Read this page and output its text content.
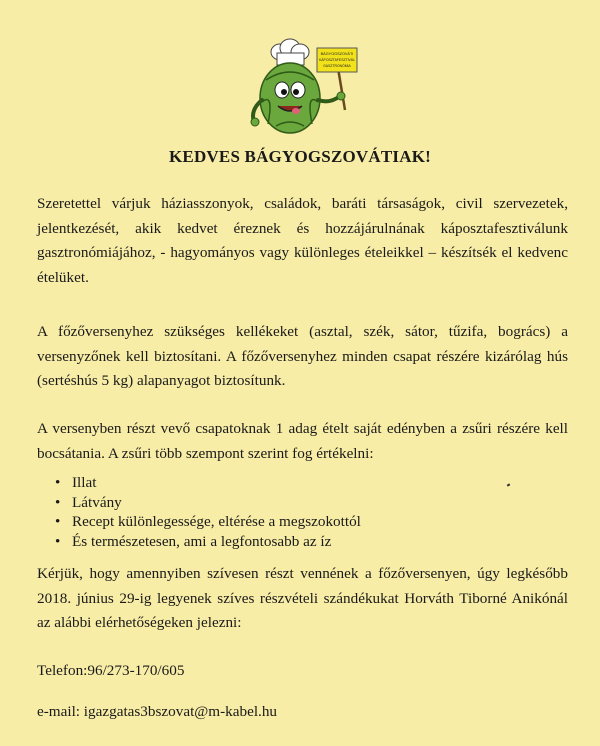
BÁGYOGSZOVÁTI
KÁPOSZTAFESZTIVÁL
GASZTRONÓMIA
KEDVES BÁGYOGSZOVÁTIAK!

Szeretettel várjuk háziasszonyok, családok, baráti társaságok, civil szervezetek, jelentkezését, akik kedvet éreznek és hozzájárulnának káposztafesztiválunk gasztronómiájához, - hagyományos vagy különleges ételeikkel – készítsék el kedvenc ételüket.

A főzőversenyhez szükséges kellékeket (asztal, szék, sátor, tűzifa, bogrács) a versenyzőnek kell biztosítani. A főzőversenyhez minden csapat részére kizárólag hús (sertéshús 5 kg) alapanyagot biztosítunk.

A versenyben részt vevő csapatoknak 1 adag ételt saját edényben a zsűri részére kell bocsátania. A zsűri több szempont szerint fog értékelni:

• Illat
• Látvány
• Recept különlegessége, eltérése a megszokottól
• És természetesen, ami a legfontosabb az íz

Kérjük, hogy amennyiben szívesen részt vennének a főzőversenyen, úgy legkésőbb 2018. június 29-ig legyenek szíves részvételi szándékukat Horváth Tiborné Anikónál az alábbi elérhetőségeken jelezni:

Telefon:96/273-170/605

e-mail: igazgatas3bszovat@m-kabel.hu
